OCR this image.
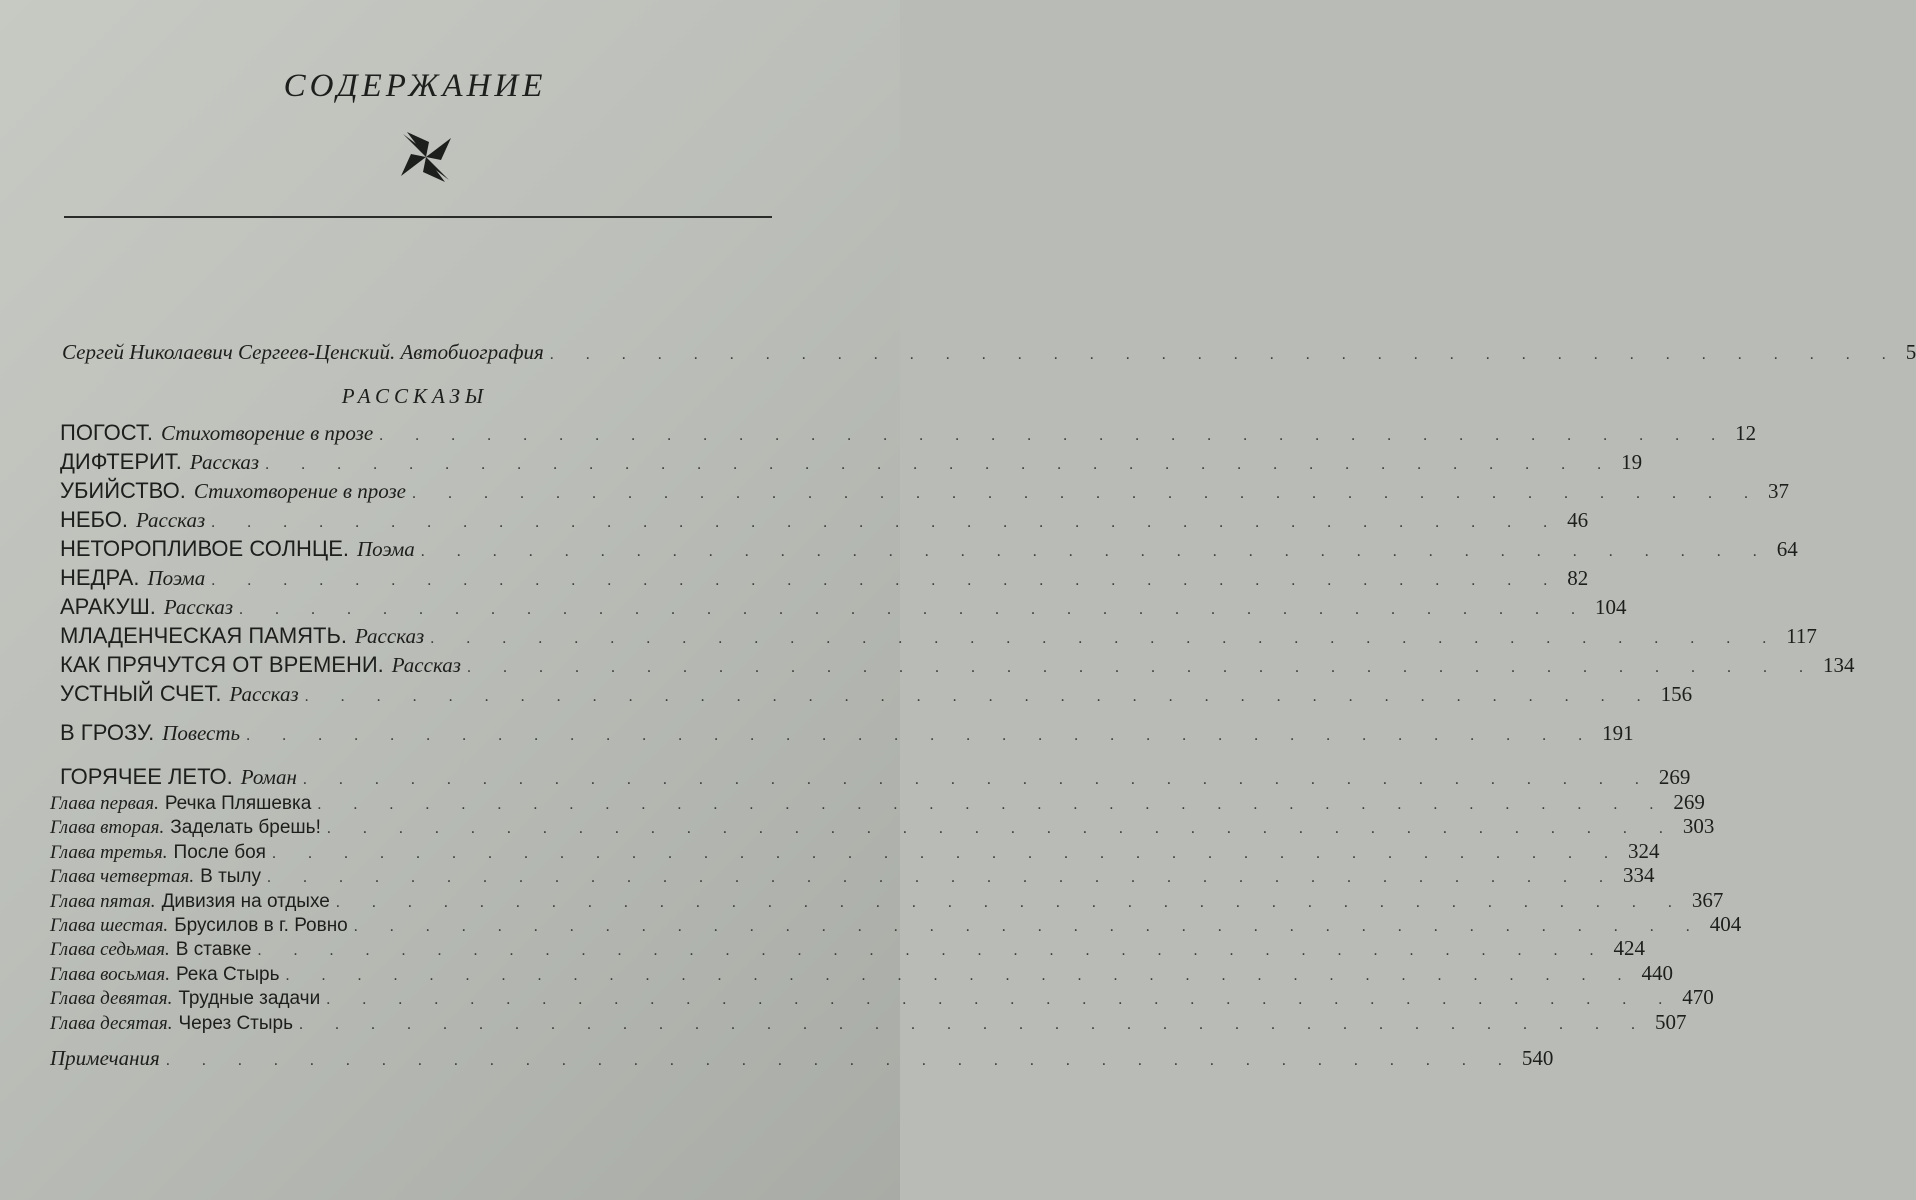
СОДЕРЖАНИЕ
Сергей Николаевич Сергеев-Ценский. Автобиография . . . . . . . . . . . . . . . . . . . . . . . . . . . . . . . . . . . . . . 5
РАССКАЗЫ
ПОГОСТ. Стихотворение в прозе . . . . . . . . . . . . . . . . . . . . . . . . . . . . . . . . . . . . . . 12
ДИФТЕРИТ. Рассказ . . . . . . . . . . . . . . . . . . . . . . . . . . . . . . . . . . . . . . 19
УБИЙСТВО. Стихотворение в прозе . . . . . . . . . . . . . . . . . . . . . . . . . . . . . . . . . . . . . . 37
НЕБО. Рассказ . . . . . . . . . . . . . . . . . . . . . . . . . . . . . . . . . . . . . . 46
НЕТОРОПЛИВОЕ СОЛНЦЕ. Поэма . . . . . . . . . . . . . . . . . . . . . . . . . . . . . . . . . . . . . . 64
НЕДРА. Поэма . . . . . . . . . . . . . . . . . . . . . . . . . . . . . . . . . . . . . . 82
АРАКУШ. Рассказ . . . . . . . . . . . . . . . . . . . . . . . . . . . . . . . . . . . . . . 104
МЛАДЕНЧЕСКАЯ ПАМЯТЬ. Рассказ . . . . . . . . . . . . . . . . . . . . . . . . . . . . . . . . . . . . . . 117
КАК ПРЯЧУТСЯ ОТ ВРЕМЕНИ. Рассказ . . . . . . . . . . . . . . . . . . . . . . . . . . . . . . . . . . . . . . 134
УСТНЫЙ СЧЕТ. Рассказ . . . . . . . . . . . . . . . . . . . . . . . . . . . . . . . . . . . . . . 156
В ГРОЗУ. Повесть . . . . . . . . . . . . . . . . . . . . . . . . . . . . . . . . . . . . . . 191
ГОРЯЧЕЕ ЛЕТО. Роман . . . . . . . . . . . . . . . . . . . . . . . . . . . . . . . . . . . . . . 269
Глава первая. Речка Пляшевка . . . . . . . . . . . . . . . . . . . . . . . . . . . . . . . . . . . . . . 269
Глава вторая. Заделать брешь! . . . . . . . . . . . . . . . . . . . . . . . . . . . . . . . . . . . . . . 303
Глава третья. После боя . . . . . . . . . . . . . . . . . . . . . . . . . . . . . . . . . . . . . . 324
Глава четвертая. В тылу . . . . . . . . . . . . . . . . . . . . . . . . . . . . . . . . . . . . . . 334
Глава пятая. Дивизия на отдыхе . . . . . . . . . . . . . . . . . . . . . . . . . . . . . . . . . . . . . . 367
Глава шестая. Брусилов в г. Ровно . . . . . . . . . . . . . . . . . . . . . . . . . . . . . . . . . . . . . . 404
Глава седьмая. В ставке . . . . . . . . . . . . . . . . . . . . . . . . . . . . . . . . . . . . . . 424
Глава восьмая. Река Стырь . . . . . . . . . . . . . . . . . . . . . . . . . . . . . . . . . . . . . . 440
Глава девятая. Трудные задачи . . . . . . . . . . . . . . . . . . . . . . . . . . . . . . . . . . . . . . 470
Глава десятая. Через Стырь . . . . . . . . . . . . . . . . . . . . . . . . . . . . . . . . . . . . . . 507
Примечания . . . . . . . . . . . . . . . . . . . . . . . . . . . . . . . . . . . . . . 540
